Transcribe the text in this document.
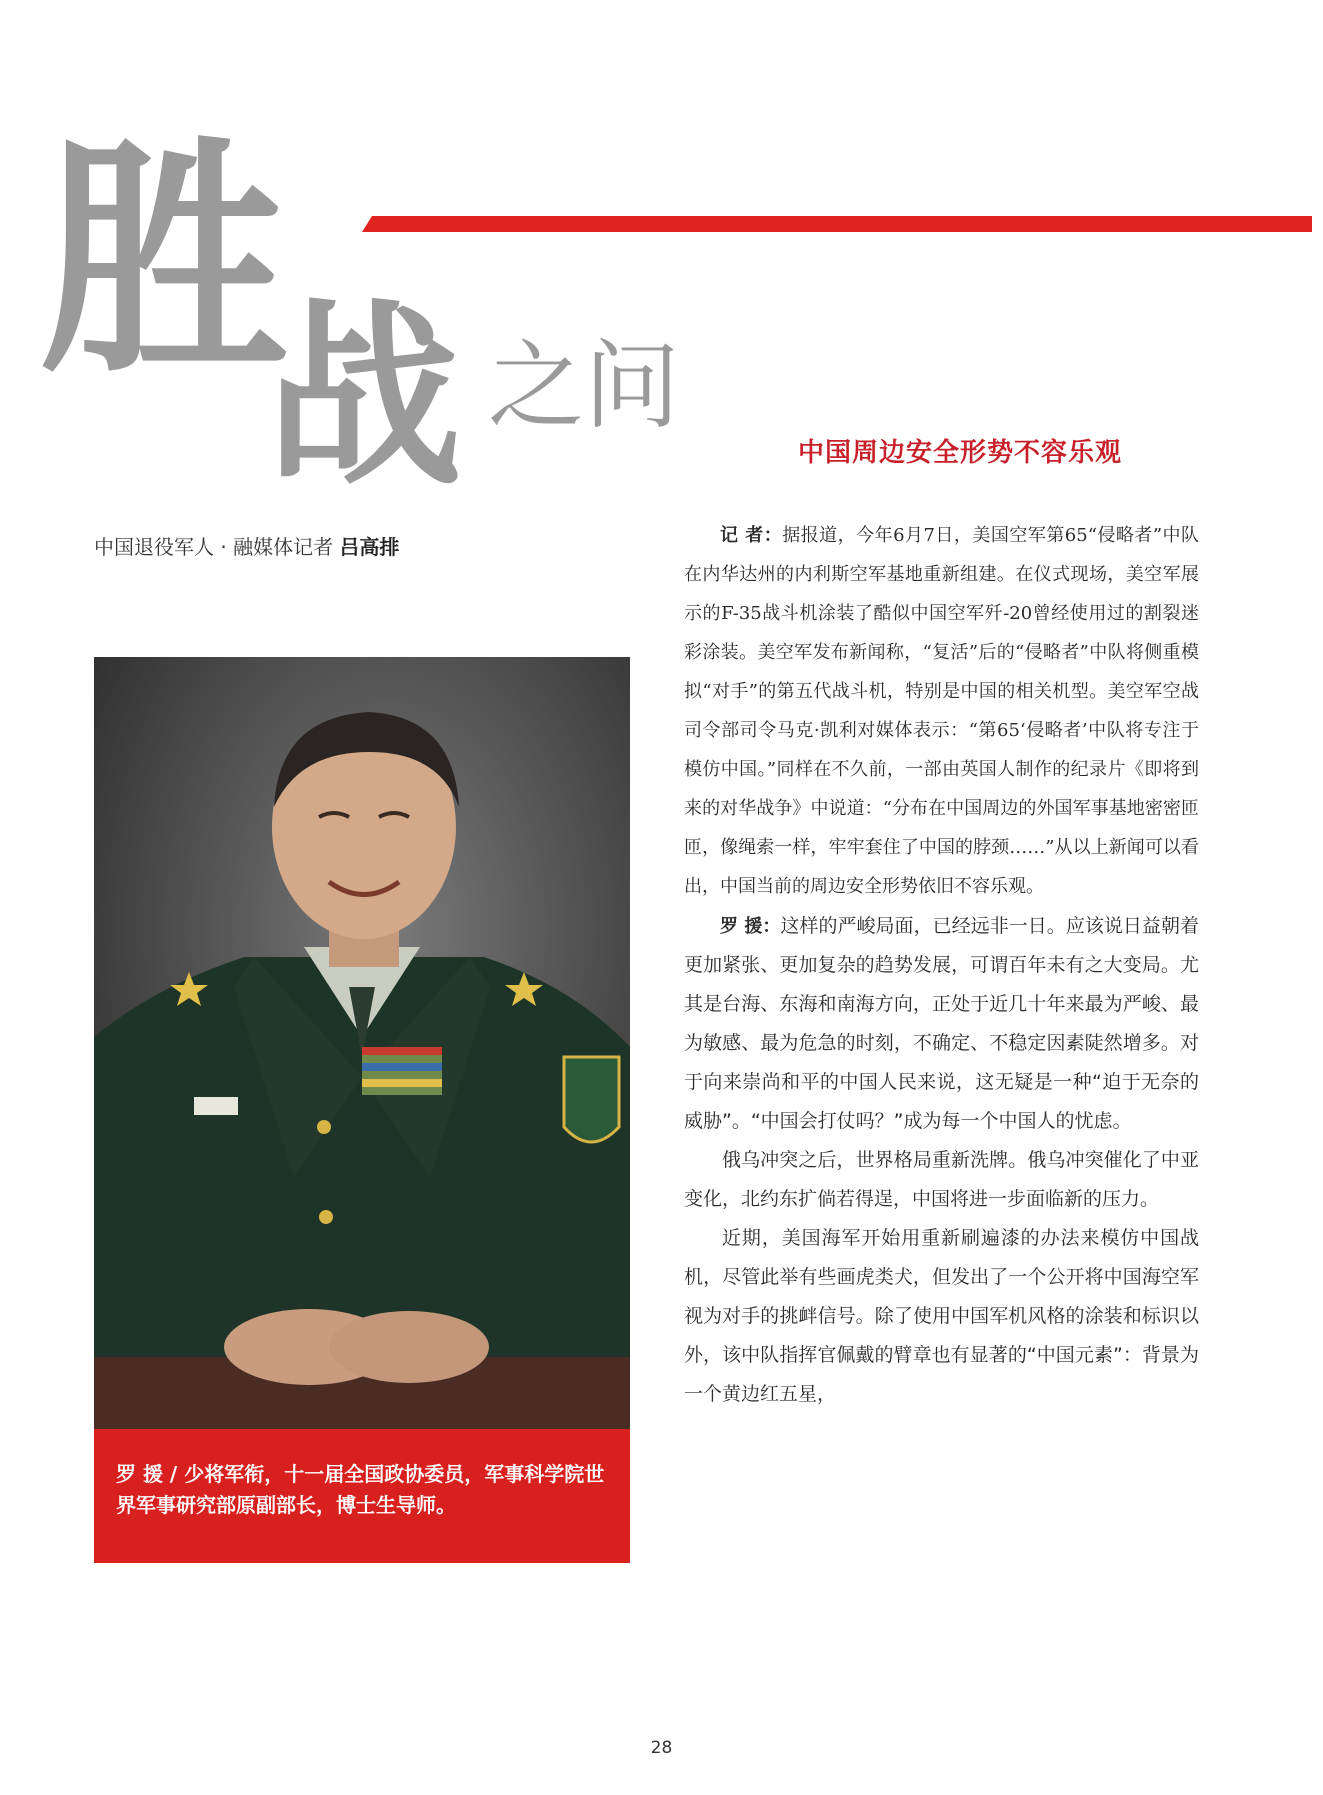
胜
战 之问
中国周边安全形势不容乐观
中国退役军人 · 融媒体记者 吕高排
罗 援 / 少将军衔，十一届全国政协委员，军事科学院世界军事研究部原副部长，博士生导师。

记 者：据报道，今年6月7日，美国空军第65“侵略者”中队在内华达州的内利斯空军基地重新组建。在仪式现场，美空军展示的F-35战斗机涂装了酷似中国空军歼-20曾经使用过的割裂迷彩涂装。美空军发布新闻称，“复活”后的“侵略者”中队将侧重模拟“对手”的第五代战斗机，特别是中国的相关机型。美空军空战司令部司令马克·凯利对媒体表示：“第65‘侵略者’中队将专注于模仿中国。”同样在不久前，一部由英国人制作的纪录片《即将到来的对华战争》中说道：“分布在中国周边的外国军事基地密密匝匝，像绳索一样，牢牢套住了中国的脖颈……”从以上新闻可以看出，中国当前的周边安全形势依旧不容乐观。

罗 援：这样的严峻局面，已经远非一日。应该说日益朝着更加紧张、更加复杂的趋势发展，可谓百年未有之大变局。尤其是台海、东海和南海方向，正处于近几十年来最为严峻、最为敏感、最为危急的时刻，不确定、不稳定因素陡然增多。对于向来崇尚和平的中国人民来说，这无疑是一种“迫于无奈的威胁”。“中国会打仗吗？”成为每一个中国人的忧虑。

俄乌冲突之后，世界格局重新洗牌。俄乌冲突催化了中亚变化，北约东扩倘若得逞，中国将进一步面临新的压力。

近期，美国海军开始用重新刷遍漆的办法来模仿中国战机，尽管此举有些画虎类犬，但发出了一个公开将中国海空军视为对手的挑衅信号。除了使用中国军机风格的涂装和标识以外，该中队指挥官佩戴的臂章也有显著的“中国元素”：背景为一个黄边红五星，

28
